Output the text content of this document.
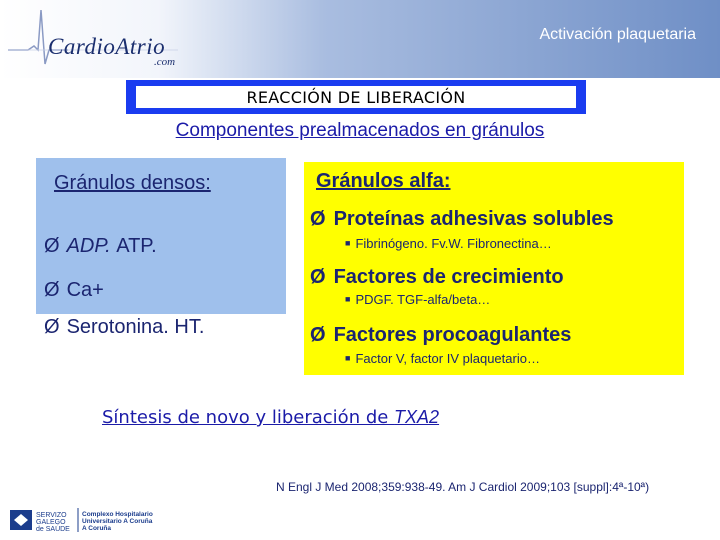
CardioAtrio
.com
Activación plaquetaria
REACCIÓN DE LIBERACIÓN
Componentes prealmacenados en gránulos
Gránulos densos:
Ø ADP. ATP.
Ø Ca+
Ø Serotonina. HT.
Gránulos alfa:
Ø Proteínas adhesivas solubles
■ Fibrinógeno. Fv.W. Fibronectina…
Ø Factores de crecimiento
■ PDGF. TGF-alfa/beta…
Ø Factores procoagulantes
■ Factor V, factor IV plaquetario…
Síntesis de novo y liberación de TXA2
N Engl J Med 2008;359:938-49. Am J Cardiol 2009;103 [suppl]:4ª-10ª)
SERVIZO
GALEGO
de SAÚDE
Complexo Hospitalario
Universitario A Coruña
A Coruña
